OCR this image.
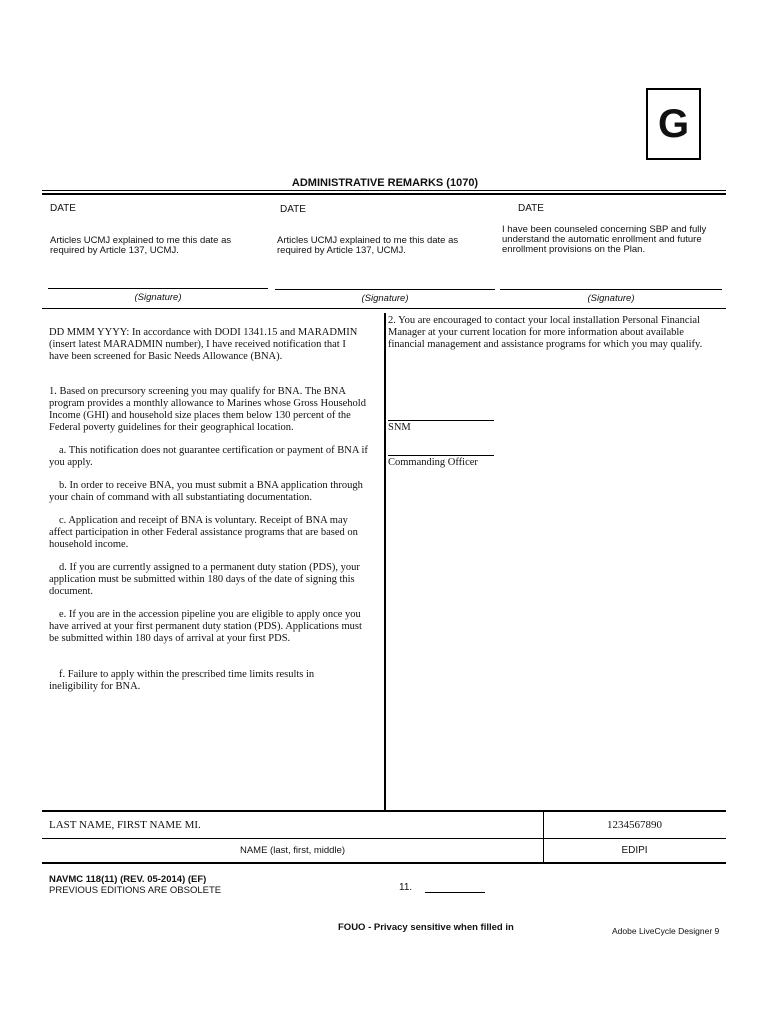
G
ADMINISTRATIVE REMARKS (1070)
DATE
Articles UCMJ explained to me this date as required by Article 137, UCMJ.
(Signature)
DATE
Articles UCMJ explained to me this date as required by Article 137, UCMJ.
(Signature)
DATE
I have been counseled concerning SBP and fully understand the automatic enrollment and future enrollment provisions on the Plan.
(Signature)
DD MMM YYYY: In accordance with DODI 1341.15 and MARADMIN (insert latest MARADMIN number), I have received notification that I have been screened for Basic Needs Allowance (BNA).
1. Based on precursory screening you may qualify for BNA. The BNA program provides a monthly allowance to Marines whose Gross Household Income (GHI) and household size places them below 130 percent of the Federal poverty guidelines for their geographical location.
a. This notification does not guarantee certification or payment of BNA if you apply.
b. In order to receive BNA, you must submit a BNA application through your chain of command with all substantiating documentation.
c. Application and receipt of BNA is voluntary. Receipt of BNA may affect participation in other Federal assistance programs that are based on household income.
d. If you are currently assigned to a permanent duty station (PDS), your application must be submitted within 180 days of the date of signing this document.
e. If you are in the accession pipeline you are eligible to apply once you have arrived at your first permanent duty station (PDS). Applications must be submitted within 180 days of arrival at your first PDS.
f. Failure to apply within the prescribed time limits results in ineligibility for BNA.
2. You are encouraged to contact your local installation Personal Financial Manager at your current location for more information about available financial management and assistance programs for which you may qualify.
SNM
Commanding Officer
LAST NAME, FIRST NAME MI.	1234567890
NAME (last, first, middle)	EDIPI
NAVMC 118(11) (REV. 05-2014) (EF)
PREVIOUS EDITIONS ARE OBSOLETE	11.
FOUO - Privacy sensitive when filled in	Adobe LiveCycle Designer 9
